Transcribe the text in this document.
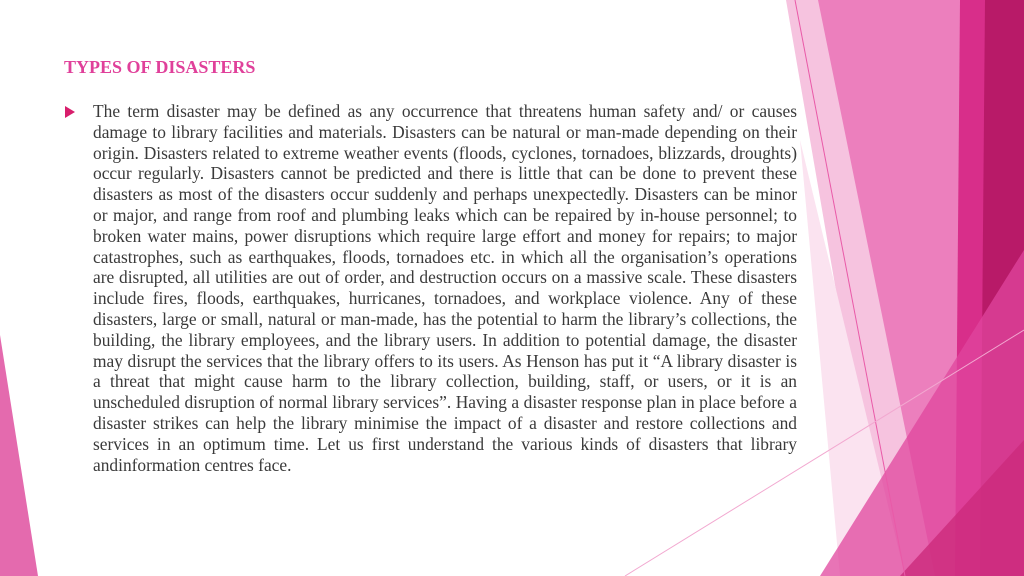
TYPES OF DISASTERS

The term disaster may be defined as any occurrence that threatens human safety and/ or causes damage to library facilities and materials. Disasters can be natural or man-made depending on their origin. Disasters related to extreme weather events (floods, cyclones, tornadoes, blizzards, droughts) occur regularly. Disasters cannot be predicted and there is little that can be done to prevent these disasters as most of the disasters occur suddenly and perhaps unexpectedly. Disasters can be minor or major, and range from roof and plumbing leaks which can be repaired by in-house personnel; to broken water mains, power disruptions which require large effort and money for repairs; to major catastrophes, such as earthquakes, floods, tornadoes etc. in which all the organisation’s operations are disrupted, all utilities are out of order, and destruction occurs on a massive scale. These disasters include fires, floods, earthquakes, hurricanes, tornadoes, and workplace violence. Any of these disasters, large or small, natural or man-made, has the potential to harm the library’s collections, the building, the library employees, and the library users. In addition to potential damage, the disaster may disrupt the services that the library offers to its users. As Henson has put it “A library disaster is a threat that might cause harm to the library collection, building, staff, or users, or it is an unscheduled disruption of normal library services”. Having a disaster response plan in place before a disaster strikes can help the library minimise the impact of a disaster and restore collections and services in an optimum time. Let us first understand the various kinds of disasters that library andinformation centres face.
